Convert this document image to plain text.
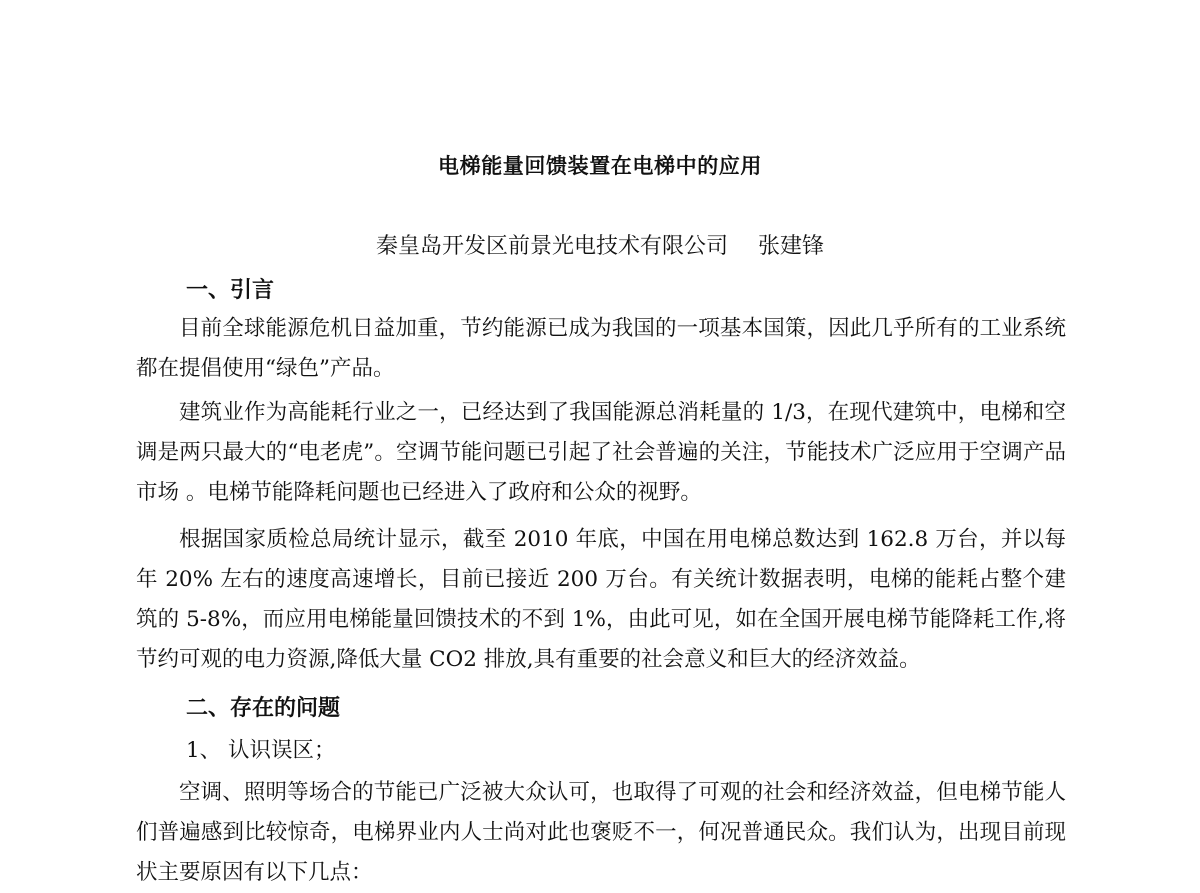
电梯能量回馈装置在电梯中的应用
秦皇岛开发区前景光电技术有限公司 张建锋
一、引言

目前全球能源危机日益加重，节约能源已成为我国的一项基本国策，因此几乎所有的工业系统都在提倡使用“绿色”产品。

建筑业作为高能耗行业之一，已经达到了我国能源总消耗量的 1/3，在现代建筑中，电梯和空调是两只最大的“电老虎”。空调节能问题已引起了社会普遍的关注，节能技术广泛应用于空调产品市场 。电梯节能降耗问题也已经进入了政府和公众的视野。

根据国家质检总局统计显示，截至 2010 年底，中国在用电梯总数达到 162.8 万台，并以每年 20% 左右的速度高速增长，目前已接近 200 万台。有关统计数据表明，电梯的能耗占整个建筑的 5-8%，而应用电梯能量回馈技术的不到 1%，由此可见，如在全国开展电梯节能降耗工作,将节约可观的电力资源,降低大量 CO2 排放,具有重要的社会意义和巨大的经济效益。

二、存在的问题
1、 认识误区；

空调、照明等场合的节能已广泛被大众认可，也取得了可观的社会和经济效益，但电梯节能人们普遍感到比较惊奇，电梯界业内人士尚对此也褒贬不一，何况普通民众。我们认为，出现目前现状主要原因有以下几点：
